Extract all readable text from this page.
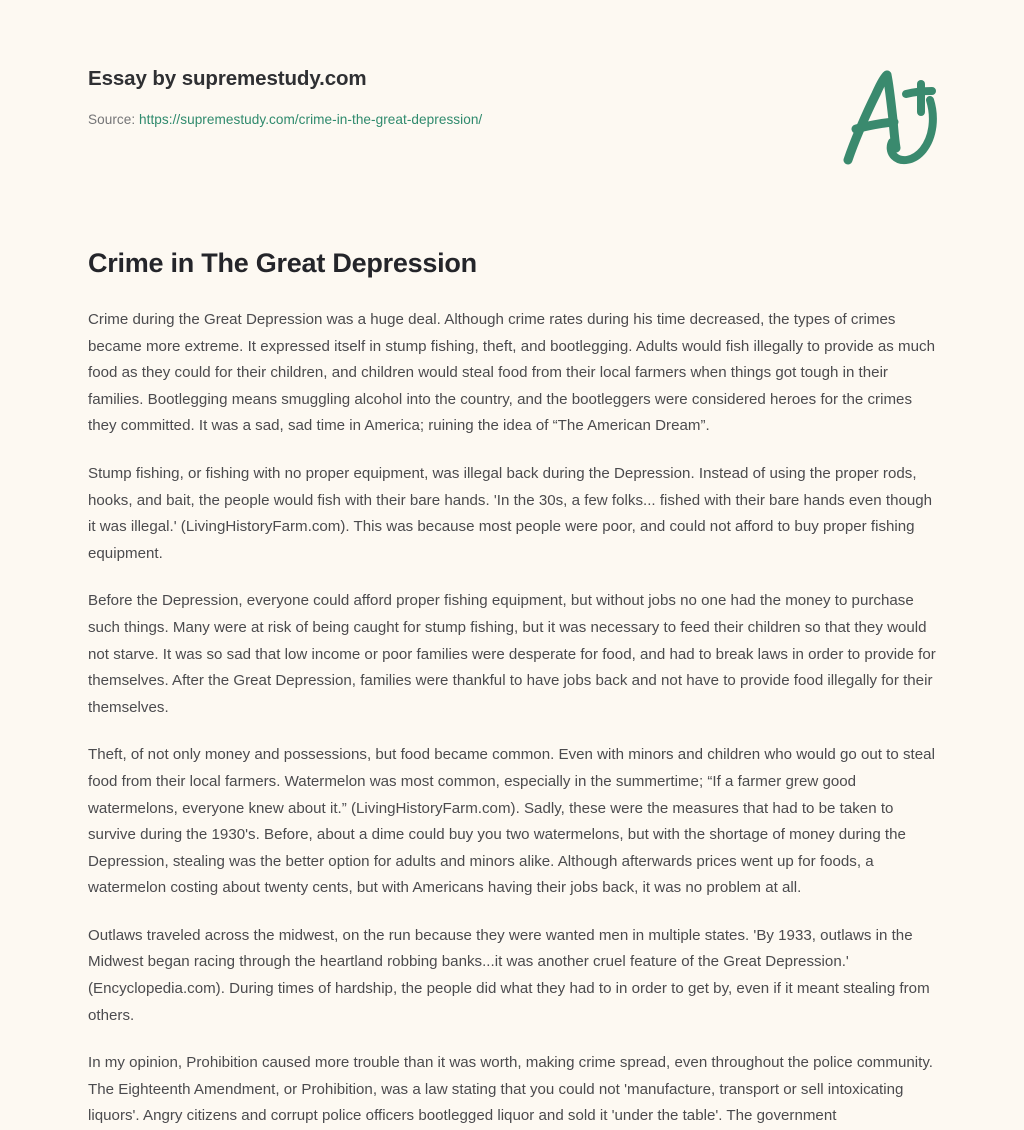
Essay by supremestudy.com
Source: https://supremestudy.com/crime-in-the-great-depression/
Crime in The Great Depression

Crime during the Great Depression was a huge deal. Although crime rates during his time decreased, the types of crimes became more extreme. It expressed itself in stump fishing, theft, and bootlegging. Adults would fish illegally to provide as much food as they could for their children, and children would steal food from their local farmers when things got tough in their families. Bootlegging means smuggling alcohol into the country, and the bootleggers were considered heroes for the crimes they committed. It was a sad, sad time in America; ruining the idea of “The American Dream”.

Stump fishing, or fishing with no proper equipment, was illegal back during the Depression. Instead of using the proper rods, hooks, and bait, the people would fish with their bare hands. 'In the 30s, a few folks... fished with their bare hands even though it was illegal.' (LivingHistoryFarm.com). This was because most people were poor, and could not afford to buy proper fishing equipment.

Before the Depression, everyone could afford proper fishing equipment, but without jobs no one had the money to purchase such things. Many were at risk of being caught for stump fishing, but it was necessary to feed their children so that they would not starve. It was so sad that low income or poor families were desperate for food, and had to break laws in order to provide for themselves. After the Great Depression, families were thankful to have jobs back and not have to provide food illegally for their themselves.

Theft, of not only money and possessions, but food became common. Even with minors and children who would go out to steal food from their local farmers. Watermelon was most common, especially in the summertime; “If a farmer grew good watermelons, everyone knew about it.” (LivingHistoryFarm.com). Sadly, these were the measures that had to be taken to survive during the 1930's. Before, about a dime could buy you two watermelons, but with the shortage of money during the Depression, stealing was the better option for adults and minors alike. Although afterwards prices went up for foods, a watermelon costing about twenty cents, but with Americans having their jobs back, it was no problem at all.

Outlaws traveled across the midwest, on the run because they were wanted men in multiple states. 'By 1933, outlaws in the Midwest began racing through the heartland robbing banks...it was another cruel feature of the Great Depression.' (Encyclopedia.com). During times of hardship, the people did what they had to in order to get by, even if it meant stealing from others.

In my opinion, Prohibition caused more trouble than it was worth, making crime spread, even throughout the police community. The Eighteenth Amendment, or Prohibition, was a law stating that you could not 'manufacture, transport or sell intoxicating liquors'. Angry citizens and corrupt police officers bootlegged liquor and sold it 'under the table'. The government
